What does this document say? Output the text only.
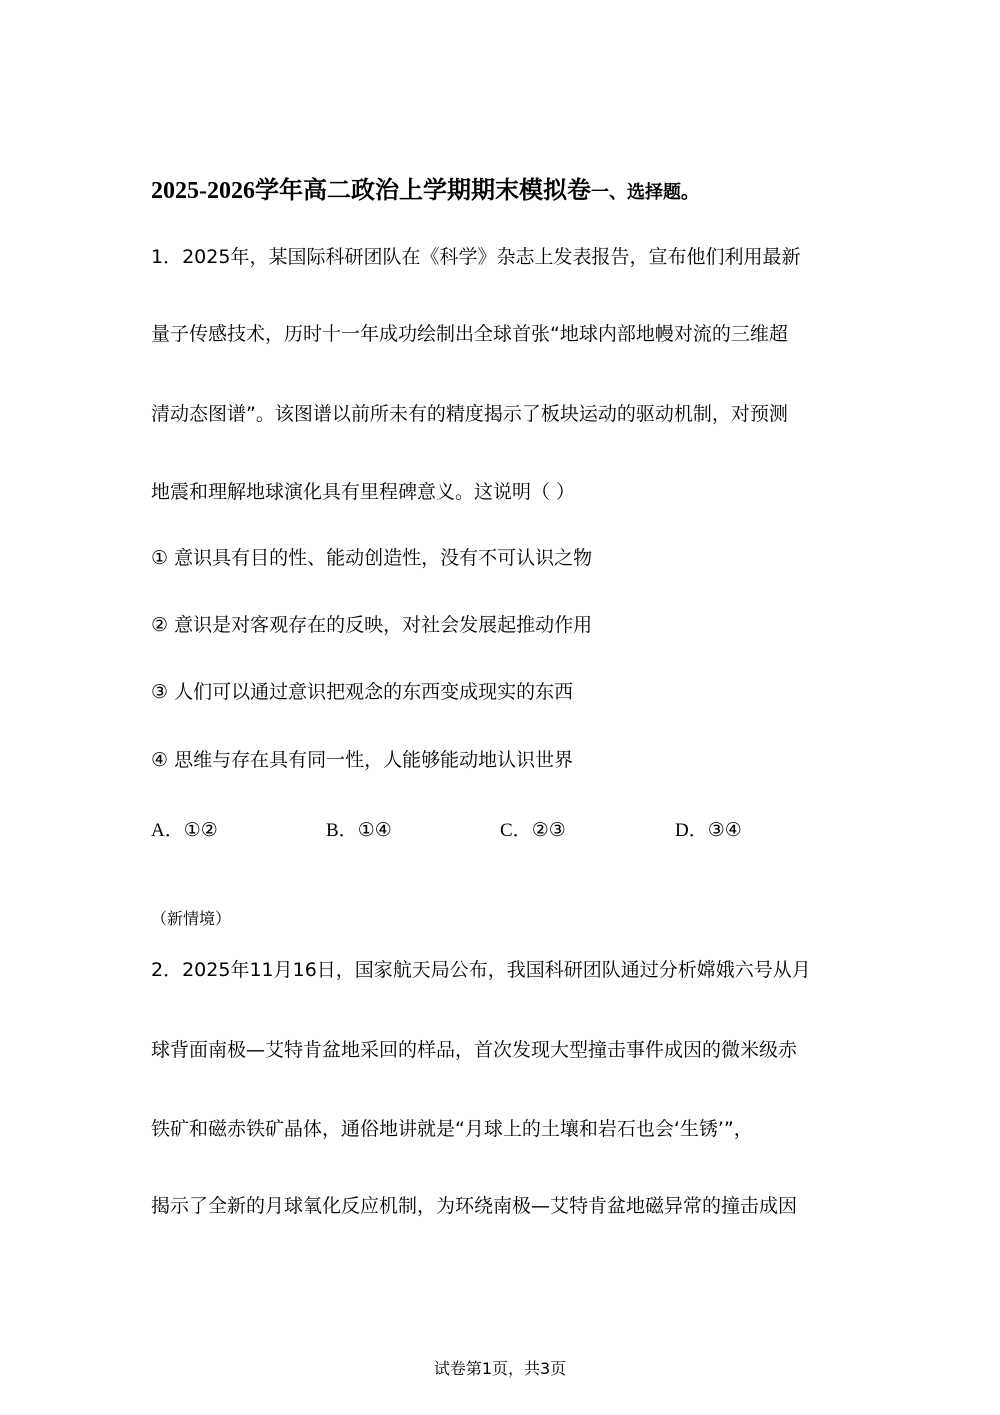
2025-2026学年高二政治上学期期末模拟卷一、选择题。
1．2025年，某国际科研团队在《科学》杂志上发表报告，宣布他们利用最新
量子传感技术，历时十一年成功绘制出全球首张“地球内部地幔对流的三维超
清动态图谱”。该图谱以前所未有的精度揭示了板块运动的驱动机制，对预测
地震和理解地球演化具有里程碑意义。这说明（ ）
① 意识具有目的性、能动创造性，没有不可认识之物
② 意识是对客观存在的反映，对社会发展起推动作用
③ 人们可以通过意识把观念的东西变成现实的东西
④ 思维与存在具有同一性，人能够能动地认识世界
A．①②	B．①④	C．②③	D．③④
（新情境）
2．2025年11月16日，国家航天局公布，我国科研团队通过分析嫦娥六号从月
球背面南极—艾特肯盆地采回的样品，首次发现大型撞击事件成因的微米级赤
铁矿和磁赤铁矿晶体，通俗地讲就是“月球上的土壤和岩石也会‘生锈’”，
揭示了全新的月球氧化反应机制，为环绕南极—艾特肯盆地磁异常的撞击成因
试卷第1页，共3页
